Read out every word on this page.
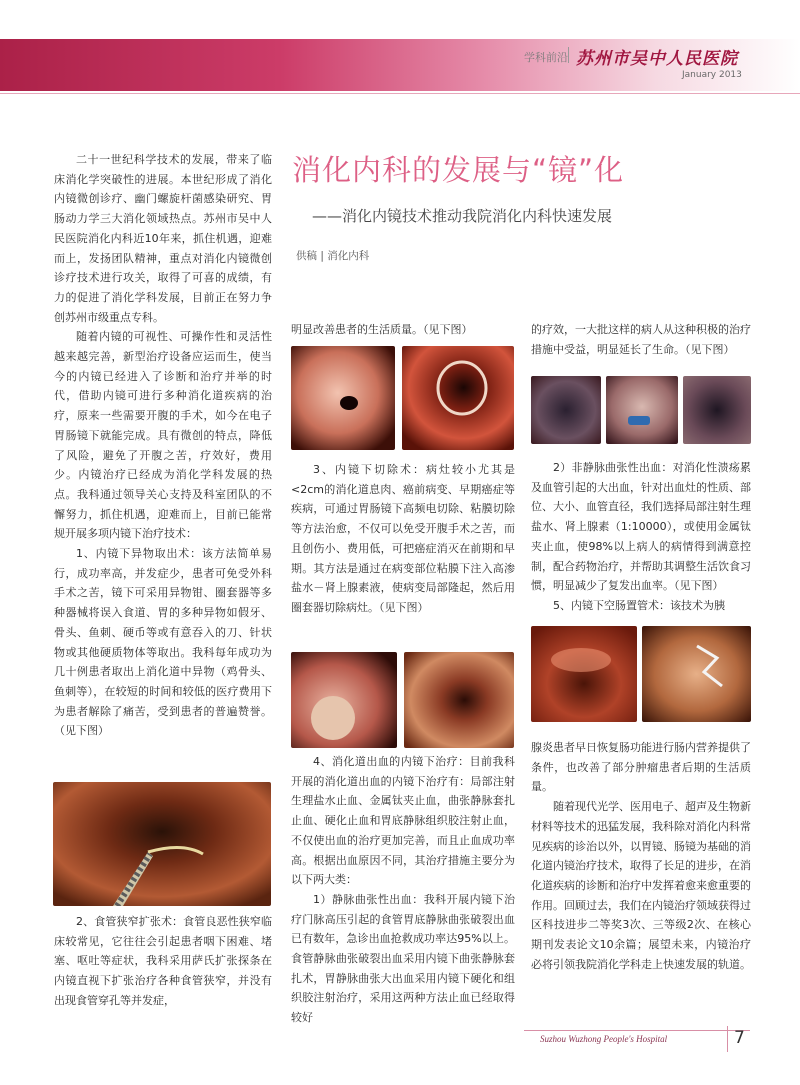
学科前沿 苏州市吴中人民医院
January 2013
消化内科的发展与“镜”化
——消化内镜技术推动我院消化内科快速发展
供稿 | 消化内科

二十一世纪科学技术的发展，带来了临床消化学突破性的进展。本世纪形成了消化内镜微创诊疗、幽门螺旋杆菌感染研究、胃肠动力学三大消化领域热点。苏州市吴中人民医院消化内科近10年来，抓住机遇，迎难而上，发扬团队精神，重点对消化内镜微创诊疗技术进行攻关，取得了可喜的成绩，有力的促进了消化学科发展，目前正在努力争创苏州市级重点专科。

随着内镜的可视性、可操作性和灵活性越来越完善，新型治疗设备应运而生，使当今的内镜已经进入了诊断和治疗并举的时代，借助内镜可进行多种消化道疾病的治疗，原来一些需要开腹的手术，如今在电子胃肠镜下就能完成。具有微创的特点，降低了风险，避免了开腹之苦，疗效好，费用少。内镜治疗已经成为消化学科发展的热点。我科通过领导关心支持及科室团队的不懈努力，抓住机遇，迎难而上，目前已能常规开展多项内镜下治疗技术：

1、内镜下异物取出术：该方法简单易行，成功率高，并发症少，患者可免受外科手术之苦，镜下可采用异物钳、圈套器等多种器械将误入食道、胃的多种异物如假牙、骨头、鱼刺、硬币等或有意吞入的刀、针状物或其他硬质物体等取出。我科每年成功为几十例患者取出上消化道中异物（鸡骨头、鱼刺等），在较短的时间和较低的医疗费用下为患者解除了痛苦，受到患者的普遍赞誉。（见下图）

2、食管狭窄扩张术：食管良恶性狭窄临床较常见，它往往会引起患者咽下困难、堵塞、呕吐等症状，我科采用萨氏扩张探条在内镜直视下扩张治疗各种食管狭窄，并没有出现食管穿孔等并发症，

明显改善患者的生活质量。（见下图）

3、内镜下切除术：病灶较小尤其是<2cm的消化道息肉、癌前病变、早期癌症等疾病，可通过胃肠镜下高频电切除、粘膜切除等方法治愈，不仅可以免受开腹手术之苦，而且创伤小、费用低，可把癌症消灭在前期和早期。其方法是通过在病变部位粘膜下注入高渗盐水－肾上腺素液，使病变局部隆起，然后用圈套器切除病灶。（见下图）

4、消化道出血的内镜下治疗：目前我科开展的消化道出血的内镜下治疗有：局部注射生理盐水止血、金属钛夹止血，曲张静脉套扎止血、硬化止血和胃底静脉组织胶注射止血，不仅使出血的治疗更加完善，而且止血成功率高。根据出血原因不同，其治疗措施主要分为以下两大类：

1）静脉曲张性出血：我科开展内镜下治疗门脉高压引起的食管胃底静脉曲张破裂出血已有数年，急诊出血抢救成功率达95%以上。食管静脉曲张破裂出血采用内镜下曲张静脉套扎术，胃静脉曲张大出血采用内镜下硬化和组织胶注射治疗，采用这两种方法止血已经取得较好

的疗效，一大批这样的病人从这种积极的治疗措施中受益，明显延长了生命。（见下图）

2）非静脉曲张性出血：对消化性溃疡累及血管引起的大出血，针对出血灶的性质、部位、大小、血管直径，我们选择局部注射生理盐水、肾上腺素（1:10000），或使用金属钛夹止血，使98%以上病人的病情得到满意控制，配合药物治疗，并帮助其调整生活饮食习惯，明显减少了复发出血率。（见下图）

5、内镜下空肠置管术：该技术为胰

腺炎患者早日恢复肠功能进行肠内营养提供了条件，也改善了部分肿瘤患者后期的生活质量。

随着现代光学、医用电子、超声及生物新材料等技术的迅猛发展，我科除对消化内科常见疾病的诊治以外，以胃镜、肠镜为基础的消化道内镜治疗技术，取得了长足的进步，在消化道疾病的诊断和治疗中发挥着愈来愈重要的作用。回顾过去，我们在内镜治疗领域获得过区科技进步二等奖3次、三等级2次、在核心期刊发表论文10余篇；展望未来，内镜治疗必将引领我院消化学科走上快速发展的轨道。

Suzhou Wuzhong People's Hospital	7
